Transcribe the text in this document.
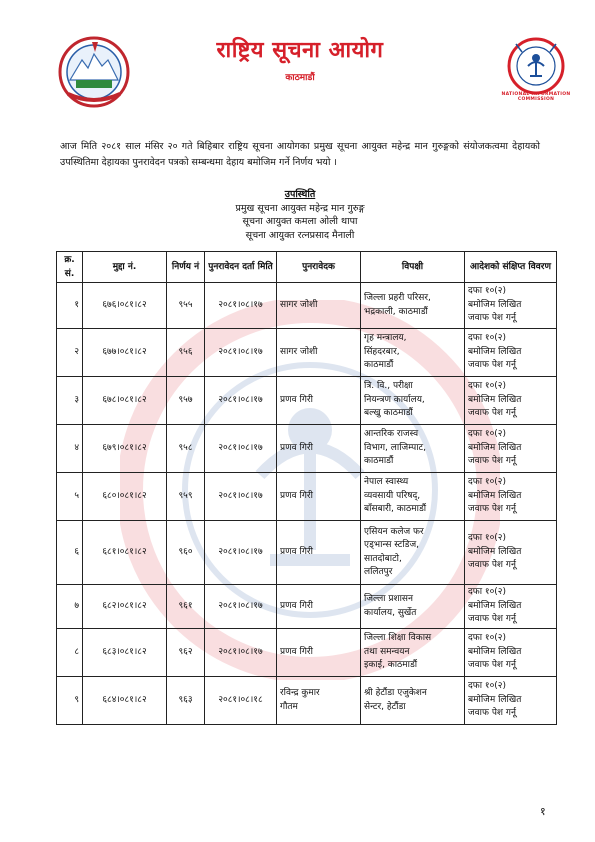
राष्ट्रिय सूचना आयोग
काठमाडौं
NATIONAL INFORMATION COMMISSION
आज मिति २०८१ साल मंसिर २० गते बिहिबार राष्ट्रिय सूचना आयोगका प्रमुख सूचना आयुक्त महेन्द्र मान गुरुङ्गको संयोजकत्वमा देहायको उपस्थितिमा देहायका पुनरावेदन पत्रको सम्बन्धमा देहाय बमोजिम गर्ने निर्णय भयो ।
उपस्थिति
प्रमुख सूचना आयुक्त महेन्द्र मान गुरुङ्ग
सूचना आयुक्त कमला ओली थापा
सूचना आयुक्त रत्नप्रसाद मैनाली
क्र. सं.	मुद्दा नं.	निर्णय नं	पुनरावेदन दर्ता मिति	पुनरावेदक	विपक्षी	आदेशको संक्षिप्त विवरण
१	६७६।०८१।८२	९५५	२०८१।०८।१७	सागर जोशी	जिल्ला प्रहरी परिसर,
भद्रकाली, काठमाडौं	दफा १०(२)
बमोजिम लिखित
जवाफ पेश गर्नू
२	६७७।०८१।८२	९५६	२०८१।०८।१७	सागर जोशी	गृह मन्त्रालय,
सिंहदरबार,
काठमाडौं	दफा १०(२)
बमोजिम लिखित
जवाफ पेश गर्नू
३	६७८।०८१।८२	९५७	२०८१।०८।१७	प्रणव गिरी	त्रि. वि., परीक्षा
नियन्त्रण कार्यालय,
बल्खु काठमाडौं	दफा १०(२)
बमोजिम लिखित
जवाफ पेश गर्नू
४	६७९।०८१।८२	९५८	२०८१।०८।१७	प्रणव गिरी	आन्तरिक राजस्व
विभाग, लाजिम्पाट,
काठमाडौं	दफा १०(२)
बमोजिम लिखित
जवाफ पेश गर्नू
५	६८०।०८१।८२	९५९	२०८१।०८।१७	प्रणव गिरी	नेपाल स्वास्थ्य
व्यवसायी परिषद्,
बाँसबारी, काठमाडौं	दफा १०(२)
बमोजिम लिखित
जवाफ पेश गर्नू
६	६८१।०८१।८२	९६०	२०८१।०८।१७	प्रणव गिरी	एसियन कलेज फर
एड्भान्स स्टडिज,
सातदोबाटो,
ललितपुर	दफा १०(२)
बमोजिम लिखित
जवाफ पेश गर्नू
७	६८२।०८१।८२	९६१	२०८१।०८।१७	प्रणव गिरी	जिल्ला प्रशासन
कार्यालय, सुर्खेत	दफा १०(२)
बमोजिम लिखित
जवाफ पेश गर्नू
८	६८३।०८१।८२	९६२	२०८१।०८।१७	प्रणव गिरी	जिल्ला शिक्षा विकास
तथा समन्वयन
इकाई, काठमाडौं	दफा १०(२)
बमोजिम लिखित
जवाफ पेश गर्नू
९	६८४।०८१।८२	९६३	२०८१।०८।१८	रविन्द्र कुमार
गौतम	श्री हेटौंडा एजुकेशन
सेन्टर, हेटौंडा	दफा १०(२)
बमोजिम लिखित
जवाफ पेश गर्नू
१
